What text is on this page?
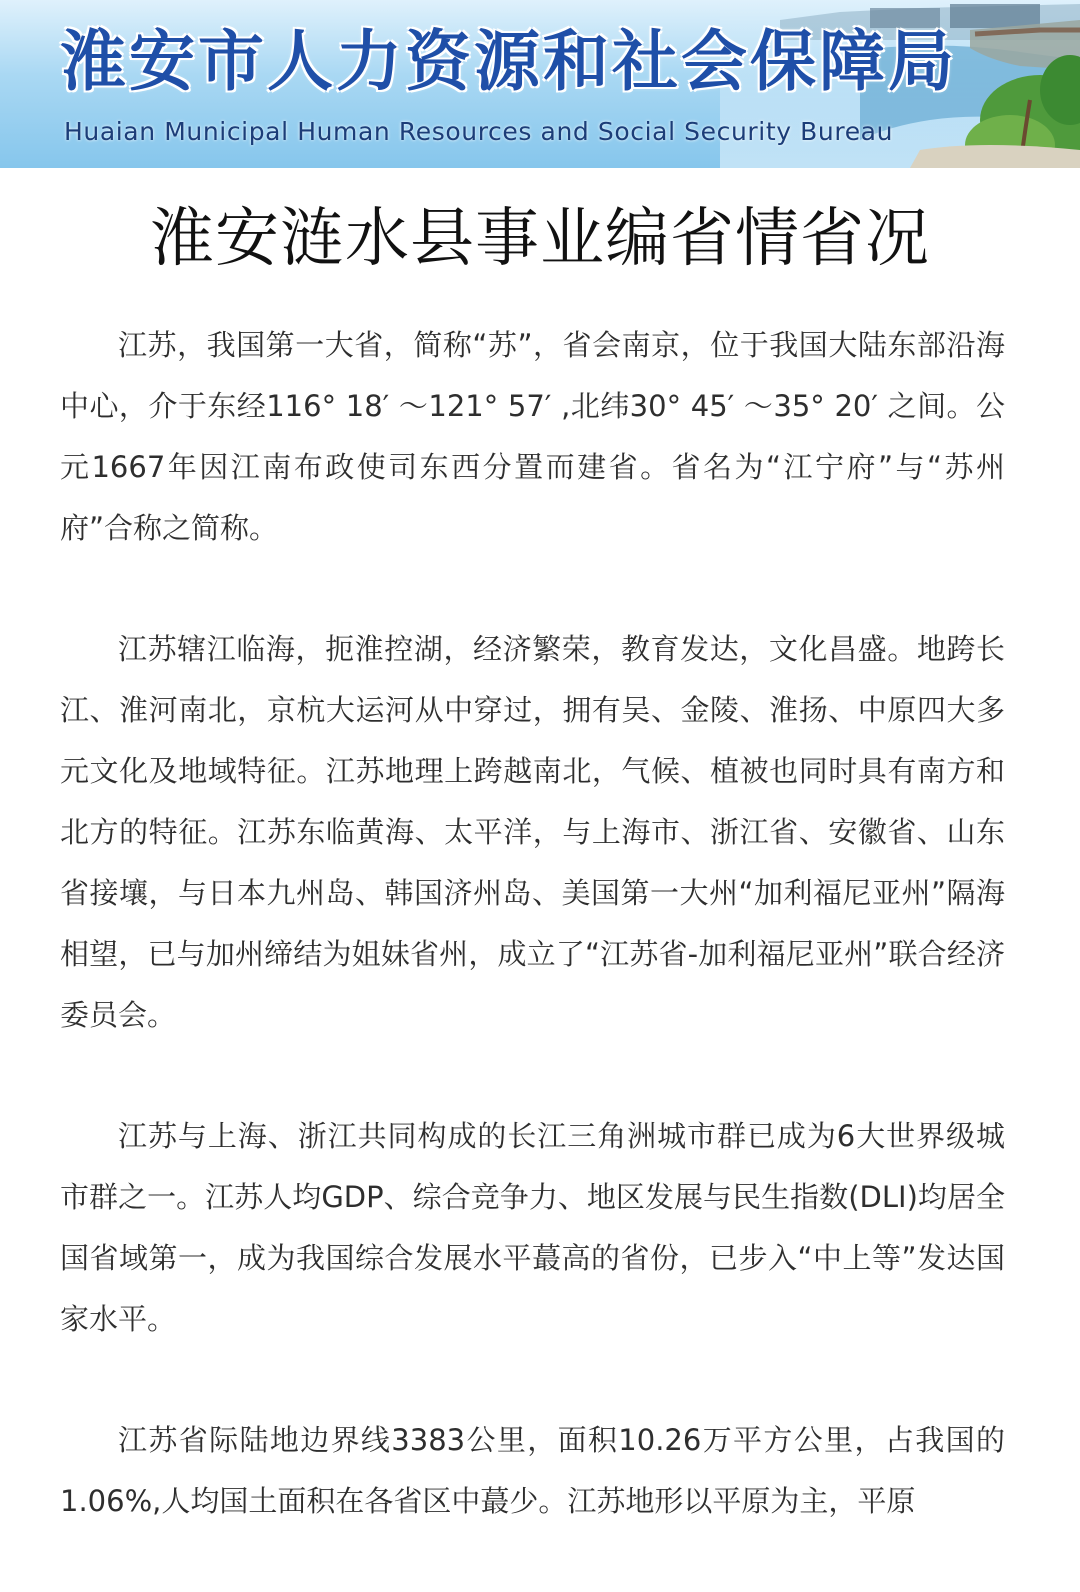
淮安市人力资源和社会保障局

Huaian Municipal Human Resources and Social Security Bureau

淮安涟水县事业编省情省况

江苏，我国第一大省，简称“苏”，省会南京，位于我国大陆东部沿海中心，介于东经116° 18′ ～121° 57′ ,北纬30° 45′ ～35° 20′ 之间。公元1667年因江南布政使司东西分置而建省。省名为“江宁府”与“苏州府”合称之简称。

江苏辖江临海，扼淮控湖，经济繁荣，教育发达，文化昌盛。地跨长江、淮河南北，京杭大运河从中穿过，拥有吴、金陵、淮扬、中原四大多元文化及地域特征。江苏地理上跨越南北，气候、植被也同时具有南方和北方的特征。江苏东临黄海、太平洋，与上海市、浙江省、安徽省、山东省接壤，与日本九州岛、韩国济州岛、美国第一大州“加利福尼亚州”隔海相望，已与加州缔结为姐妹省州，成立了“江苏省-加利福尼亚州”联合经济委员会。

江苏与上海、浙江共同构成的长江三角洲城市群已成为6大世界级城市群之一。江苏人均GDP、综合竞争力、地区发展与民生指数(DLI)均居全国省域第一，成为我国综合发展水平蕞高的省份，已步入“中上等”发达国家水平。

江苏省际陆地边界线3383公里，面积10.26万平方公里，占我国的1.06%,人均国土面积在各省区中蕞少。江苏地形以平原为主，平原
